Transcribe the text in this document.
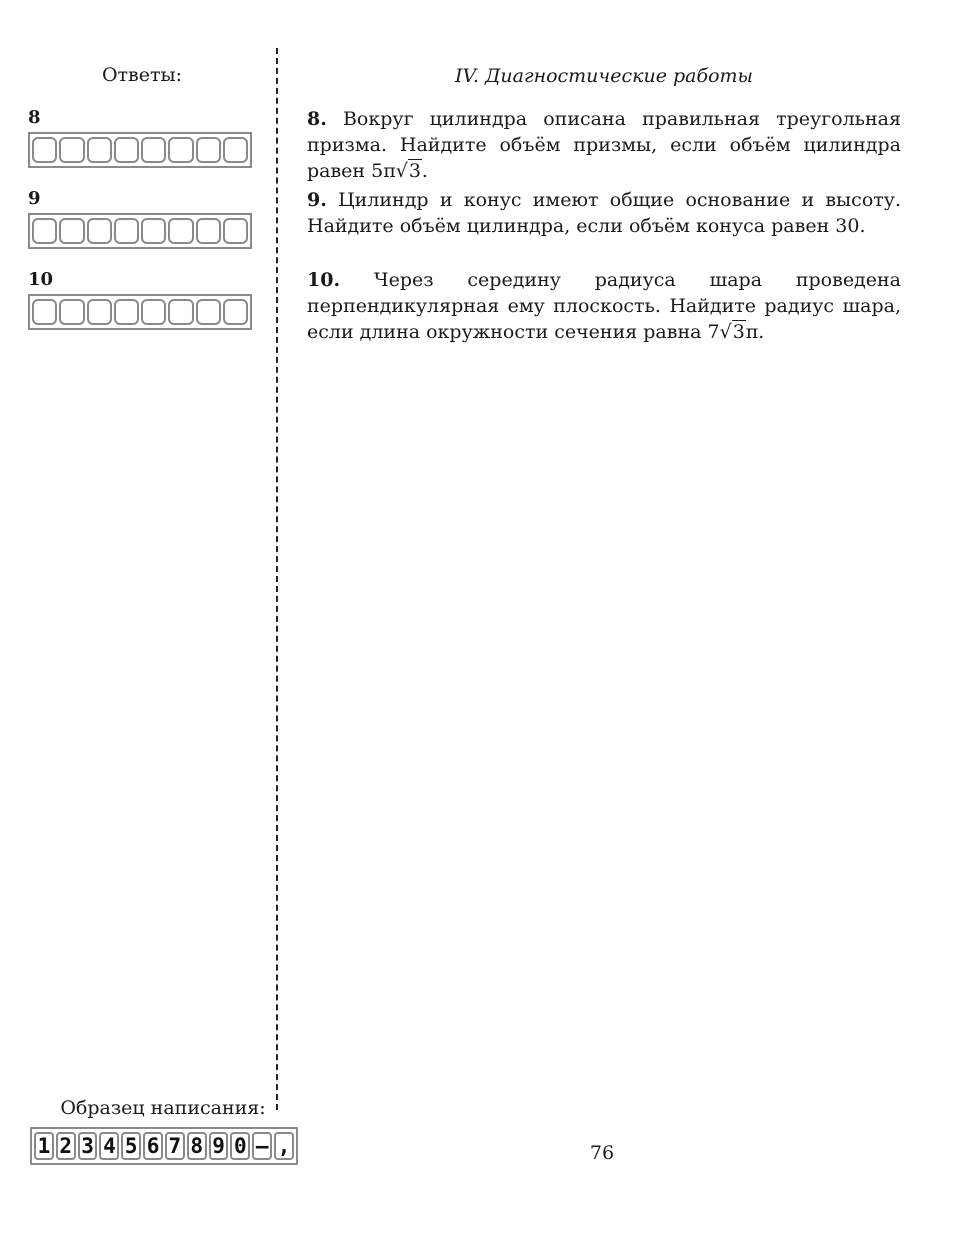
Ответы:
8
9
10
IV. Диагностические работы
8. Вокруг цилиндра описана правильная треугольная призма. Найдите объём призмы, если объём цилиндра равен 5π√3.
9. Цилиндр и конус имеют общие основание и высоту. Найдите объём цилиндра, если объём конуса равен 30.
10. Через середину радиуса шара проведена перпендикулярная ему плоскость. Найдите радиус шара, если длина окружности сечения равна 7√3π.
Образец написания:
1 2 3 4 5 6 7 8 9 0 – ,	76
